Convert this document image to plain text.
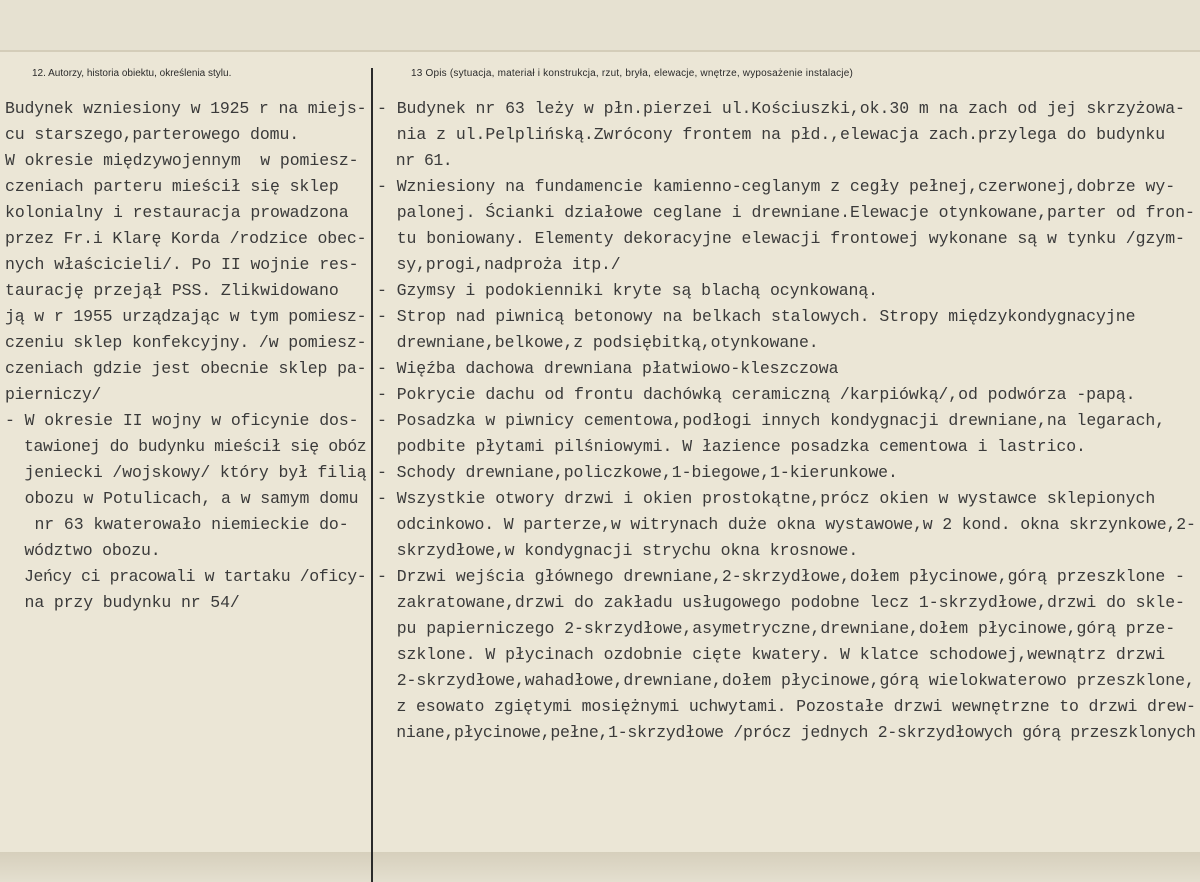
12. Autorzy, historia obiektu, określenia stylu.	13 Opis (sytuacja, materiał i konstrukcja, rzut, bryła, elewacje, wnętrze, wyposażenie instalacje)
Budynek wzniesiony w 1925 r na miejs-
cu starszego,parterowego domu.
W okresie międzywojennym  w pomiesz-
czeniach parteru mieścił się sklep
kolonialny i restauracja prowadzona
przez Fr.i Klarę Korda /rodzice obec-
nych właścicieli/. Po II wojnie res-
taurację przejął PSS. Zlikwidowano
ją w r 1955 urządzając w tym pomiesz-
czeniu sklep konfekcyjny. /w pomiesz-
czeniach gdzie jest obecnie sklep pa-
pierniczy/
- W okresie II wojny w oficynie dos-
tawionej do budynku mieścił się obóz
jeniecki /wojskowy/ który był filią
obozu w Potulicach, a w samym domu
nr 63 kwaterowało niemieckie do-
wództwo obozu.
Jeńcy ci pracowali w tartaku /oficy-
na przy budynku nr 54/
- Budynek nr 63 leży w płn.pierzei ul.Kościuszki,ok.30 m na zach od jej skrzyżowa-
nia z ul.Pelplińską.Zwrócony frontem na płd.,elewacja zach.przylega do budynku
nr 61.
- Wzniesiony na fundamencie kamienno-ceglanym z cegły pełnej,czerwonej,dobrze wy-
palonej. Ścianki działowe ceglane i drewniane.Elewacje otynkowane,parter od fron-
tu boniowany. Elementy dekoracyjne elewacji frontowej wykonane są w tynku /gzym-
sy,progi,nadproża itp./
- Gzymsy i podokienniki kryte są blachą ocynkowaną.
- Strop nad piwnicą betonowy na belkach stalowych. Stropy międzykondygnacyjne
drewniane,belkowe,z podsiębitką,otynkowane.
- Więźba dachowa drewniana płatwiowo-kleszczowa
- Pokrycie dachu od frontu dachówką ceramiczną /karpiówką/,od podwórza -papą.
- Posadzka w piwnicy cementowa,podłogi innych kondygnacji drewniane,na legarach,
podbite płytami pilśniowymi. W łazience posadzka cementowa i lastrico.
- Schody drewniane,policzkowe,1-biegowe,1-kierunkowe.
- Wszystkie otwory drzwi i okien prostokątne,prócz okien w wystawce sklepionych
odcinkowo. W parterze,w witrynach duże okna wystawowe,w 2 kond. okna skrzynkowe,2-
skrzydłowe,w kondygnacji strychu okna krosnowe.
- Drzwi wejścia głównego drewniane,2-skrzydłowe,dołem płycinowe,górą przeszklone -
zakratowane,drzwi do zakładu usługowego podobne lecz 1-skrzydłowe,drzwi do skle-
pu papierniczego 2-skrzydłowe,asymetryczne,drewniane,dołem płycinowe,górą prze-
szklone. W płycinach ozdobnie cięte kwatery. W klatce schodowej,wewnątrz drzwi
2-skrzydłowe,wahadłowe,drewniane,dołem płycinowe,górą wielokwaterowo przeszklone,
z esowato zgiętymi mosiężnymi uchwytami. Pozostałe drzwi wewnętrzne to drzwi drew-
niane,płycinowe,pełne,1-skrzydłowe /prócz jednych 2-skrzydłowych górą przeszklonych
